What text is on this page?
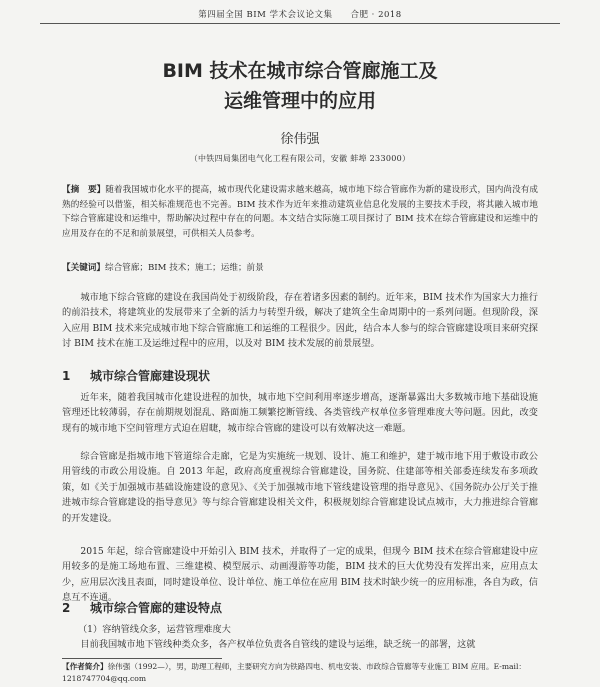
第四届全国 BIM 学术会议论文集　　合肥 · 2018
BIM 技术在城市综合管廊施工及
运维管理中的应用
徐伟强
（中铁四局集团电气化工程有限公司，安徽 蚌埠 233000）
【摘　要】随着我国城市化水平的提高，城市现代化建设需求越来越高，城市地下综合管廊作为新的建设形式，国内尚没有成熟的经验可以借鉴，相关标准规范也不完善。BIM 技术作为近年来推动建筑业信息化发展的主要技术手段，将其融入城市地下综合管廊建设和运维中，帮助解决过程中存在的问题。本文结合实际施工项目探讨了 BIM 技术在综合管廊建设和运维中的应用及存在的不足和前景展望，可供相关人员参考。
【关键词】综合管廊；BIM 技术；施工；运维；前景
城市地下综合管廊的建设在我国尚处于初级阶段，存在着诸多因素的制约。近年来，BIM 技术作为国家大力推行的前沿技术，将建筑业的发展带来了全新的活力与转型升级，解决了建筑全生命周期中的一系列问题。但现阶段，深入应用 BIM 技术来完成城市地下综合管廊施工和运维的工程很少。因此，结合本人参与的综合管廊建设项目来研究探讨 BIM 技术在施工及运维过程中的应用，以及对 BIM 技术发展的前景展望。
1 城市综合管廊建设现状
近年来，随着我国城市化建设进程的加快，城市地下空间利用率逐步增高，逐渐暴露出大多数城市地下基础设施管理还比较薄弱，存在前期规划混乱、路面施工频繁挖断管线、各类管线产权单位多管理难度大等问题。因此，改变现有的城市地下空间管理方式迫在眉睫，城市综合管廊的建设可以有效解决这一难题。
综合管廊是指城市地下管道综合走廊，它是为实施统一规划、设计、施工和维护，建于城市地下用于敷设市政公用管线的市政公用设施。自 2013 年起，政府高度重视综合管廊建设，国务院、住建部等相关部委连续发布多项政策，如《关于加强城市基础设施建设的意见》、《关于加强城市地下管线建设管理的指导意见》、《国务院办公厅关于推进城市综合管廊建设的指导意见》等与综合管廊建设相关文件，积极规划综合管廊建设试点城市，大力推进综合管廊的开发建设。
2015 年起，综合管廊建设中开始引入 BIM 技术，并取得了一定的成果，但现今 BIM 技术在综合管廊建设中应用较多的是施工场地布置、三维建模、模型展示、动画漫游等功能，BIM 技术的巨大优势没有发挥出来，应用点太少，应用层次浅且表面，同时建设单位、设计单位、施工单位在应用 BIM 技术时缺少统一的应用标准，各自为政，信息互不连通。
2 城市综合管廊的建设特点
（1）容纳管线众多，运营管理难度大
目前我国城市地下管线种类众多，各产权单位负责各自管线的建设与运维，缺乏统一的部署，这就
【作者简介】徐伟强（1992—），男，助理工程师，主要研究方向为铁路四电、机电安装、市政综合管廊等专业施工 BIM 应用。E-mail：1218747704@qq.com
